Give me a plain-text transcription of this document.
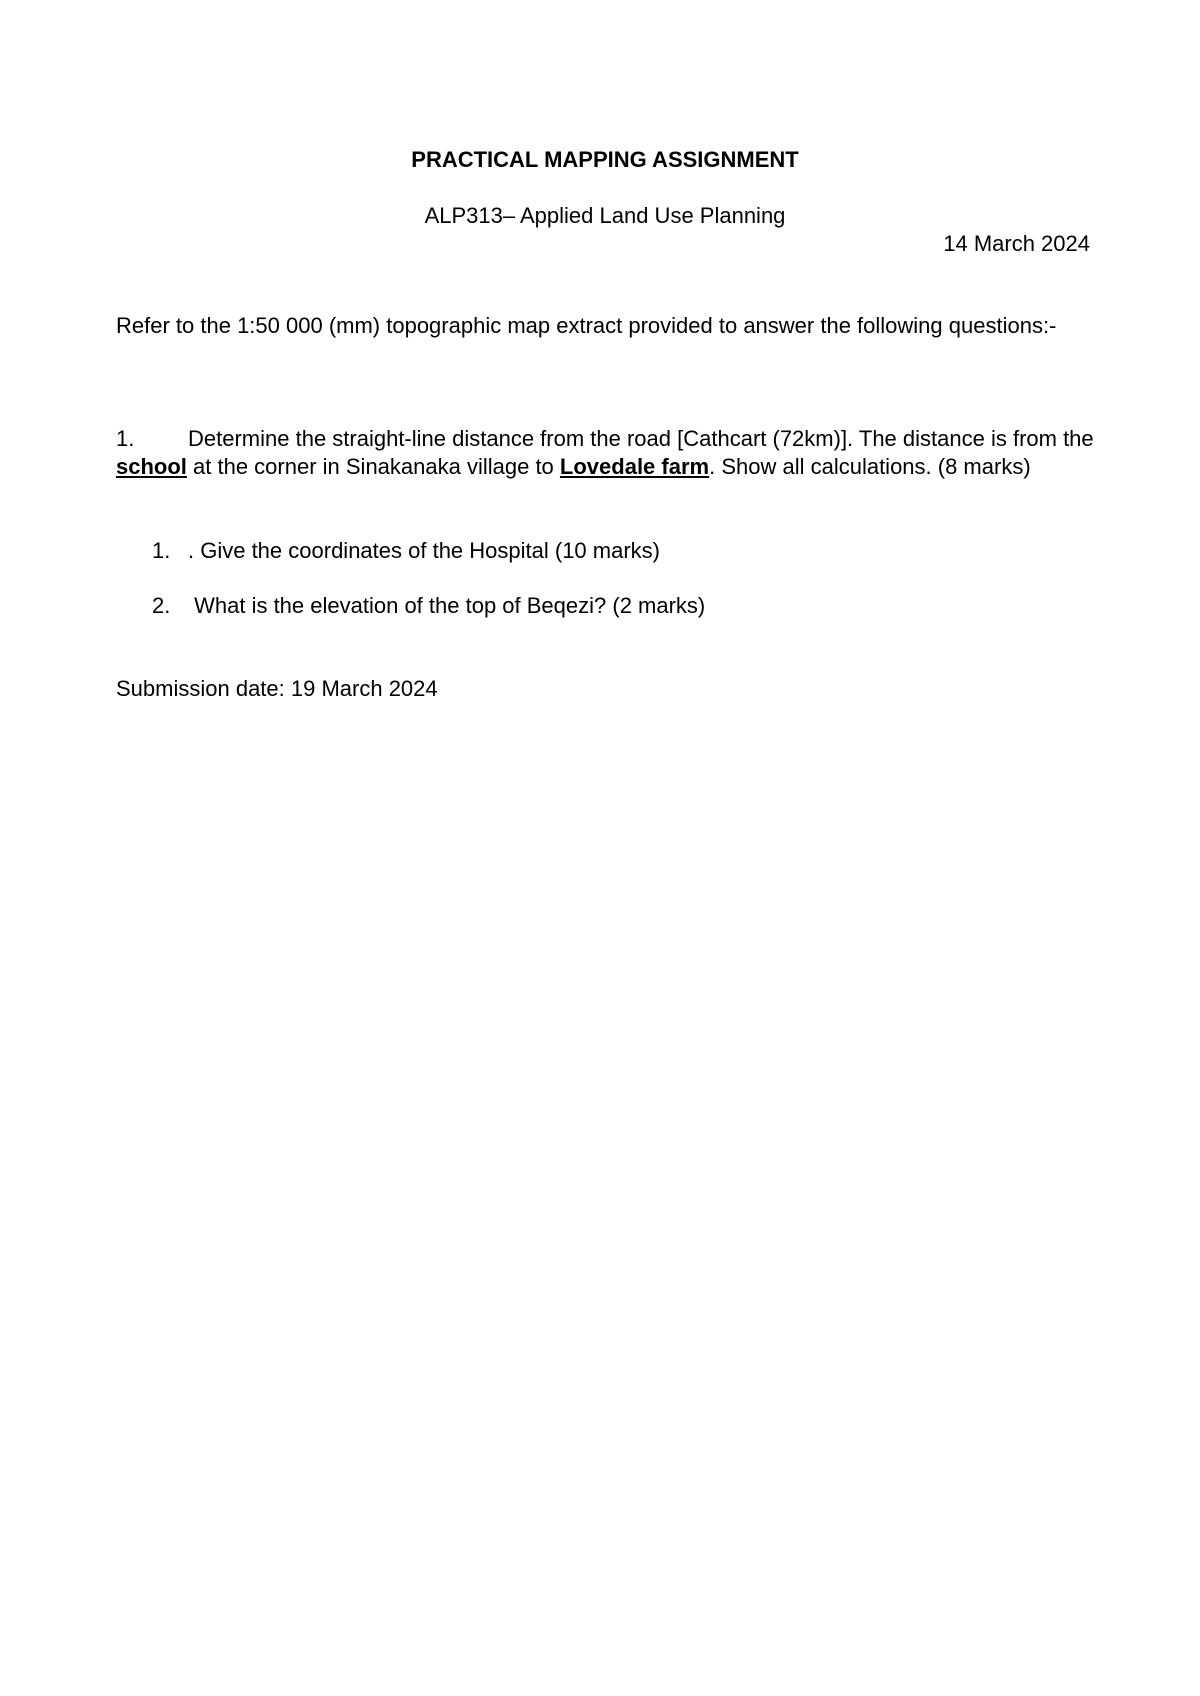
PRACTICAL MAPPING ASSIGNMENT
ALP313– Applied Land Use Planning
14 March 2024
Refer to the 1:50 000 (mm) topographic map extract provided to answer the following questions:-
1. Determine the straight-line distance from the road [Cathcart (72km)]. The distance is from the school at the corner in Sinakanaka village to Lovedale farm. Show all calculations. (8 marks)
1. . Give the coordinates of the Hospital (10 marks)
2. What is the elevation of the top of Beqezi? (2 marks)
Submission date: 19 March 2024
